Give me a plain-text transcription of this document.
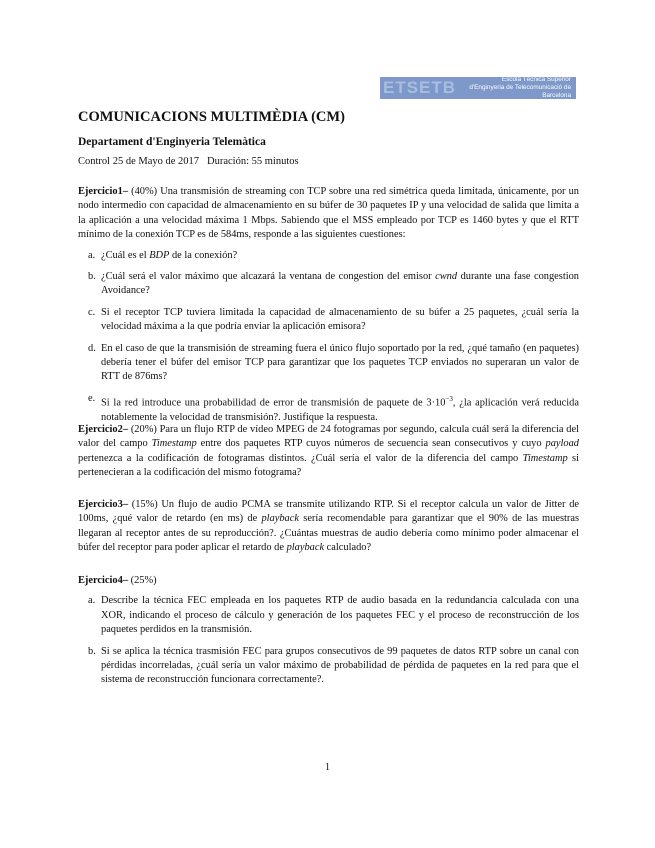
ETSETB	Escola Tècnica Superior
d'Enginyeria de Telecomunicació de Barcelona

COMUNICACIONS MULTIMÈDIA (CM)

Departament d'Enginyeria Telemàtica

Control 25 de Mayo de 2017 Duración: 55 minutos

Ejercicio1– (40%) Una transmisión de streaming con TCP sobre una red simétrica queda limitada, únicamente, por un nodo intermedio con capacidad de almacenamiento en su búfer de 30 paquetes IP y una velocidad de salida que limita a la aplicación a una velocidad máxima 1 Mbps. Sabiendo que el MSS empleado por TCP es 1460 bytes y que el RTT mínimo de la conexión TCP es de 584ms, responde a las siguientes cuestiones:

a. ¿Cuál es el BDP de la conexión?
b. ¿Cuál será el valor máximo que alcazará la ventana de congestion del emisor cwnd durante una fase congestion Avoidance?
c. Si el receptor TCP tuviera limitada la capacidad de almacenamiento de su búfer a 25 paquetes, ¿cuál sería la velocidad máxima a la que podría enviar la aplicación emisora?
d. En el caso de que la transmisión de streaming fuera el único flujo soportado por la red, ¿qué tamaño (en paquetes) debería tener el búfer del emisor TCP para garantizar que los paquetes TCP enviados no superaran un valor de RTT de 876ms?
e. Si la red introduce una probabilidad de error de transmisión de paquete de $3\cdot 10^{-3}$, ¿la aplicación verá reducida notablemente la velocidad de transmisión?. Justifique la respuesta.

Ejercicio2– (20%) Para un flujo RTP de vídeo MPEG de 24 fotogramas por segundo, calcula cuál será la diferencia del valor del campo Timestamp entre dos paquetes RTP cuyos números de secuencia sean consecutivos y cuyo payload pertenezca a la codificación de fotogramas distintos. ¿Cuál sería el valor de la diferencia del campo Timestamp si pertenecieran a la codificación del mismo fotograma?

Ejercicio3– (15%) Un flujo de audio PCMA se transmite utilizando RTP. Si el receptor calcula un valor de Jitter de 100ms, ¿qué valor de retardo (en ms) de playback sería recomendable para garantizar que el 90% de las muestras llegaran al receptor antes de su reproducción?. ¿Cuántas muestras de audio debería como mínimo poder almacenar el búfer del receptor para poder aplicar el retardo de playback calculado?

Ejercicio4– (25%)

a. Describe la técnica FEC empleada en los paquetes RTP de audio basada en la redundancia calculada con una XOR, indicando el proceso de cálculo y generación de los paquetes FEC y el proceso de reconstrucción de los paquetes perdidos en la transmisión.
b. Si se aplica la técnica trasmisión FEC para grupos consecutivos de 99 paquetes de datos RTP sobre un canal con pérdidas incorreladas, ¿cuál sería un valor máximo de probabilidad de pérdida de paquetes en la red para que el sistema de reconstrucción funcionara correctamente?.
1
